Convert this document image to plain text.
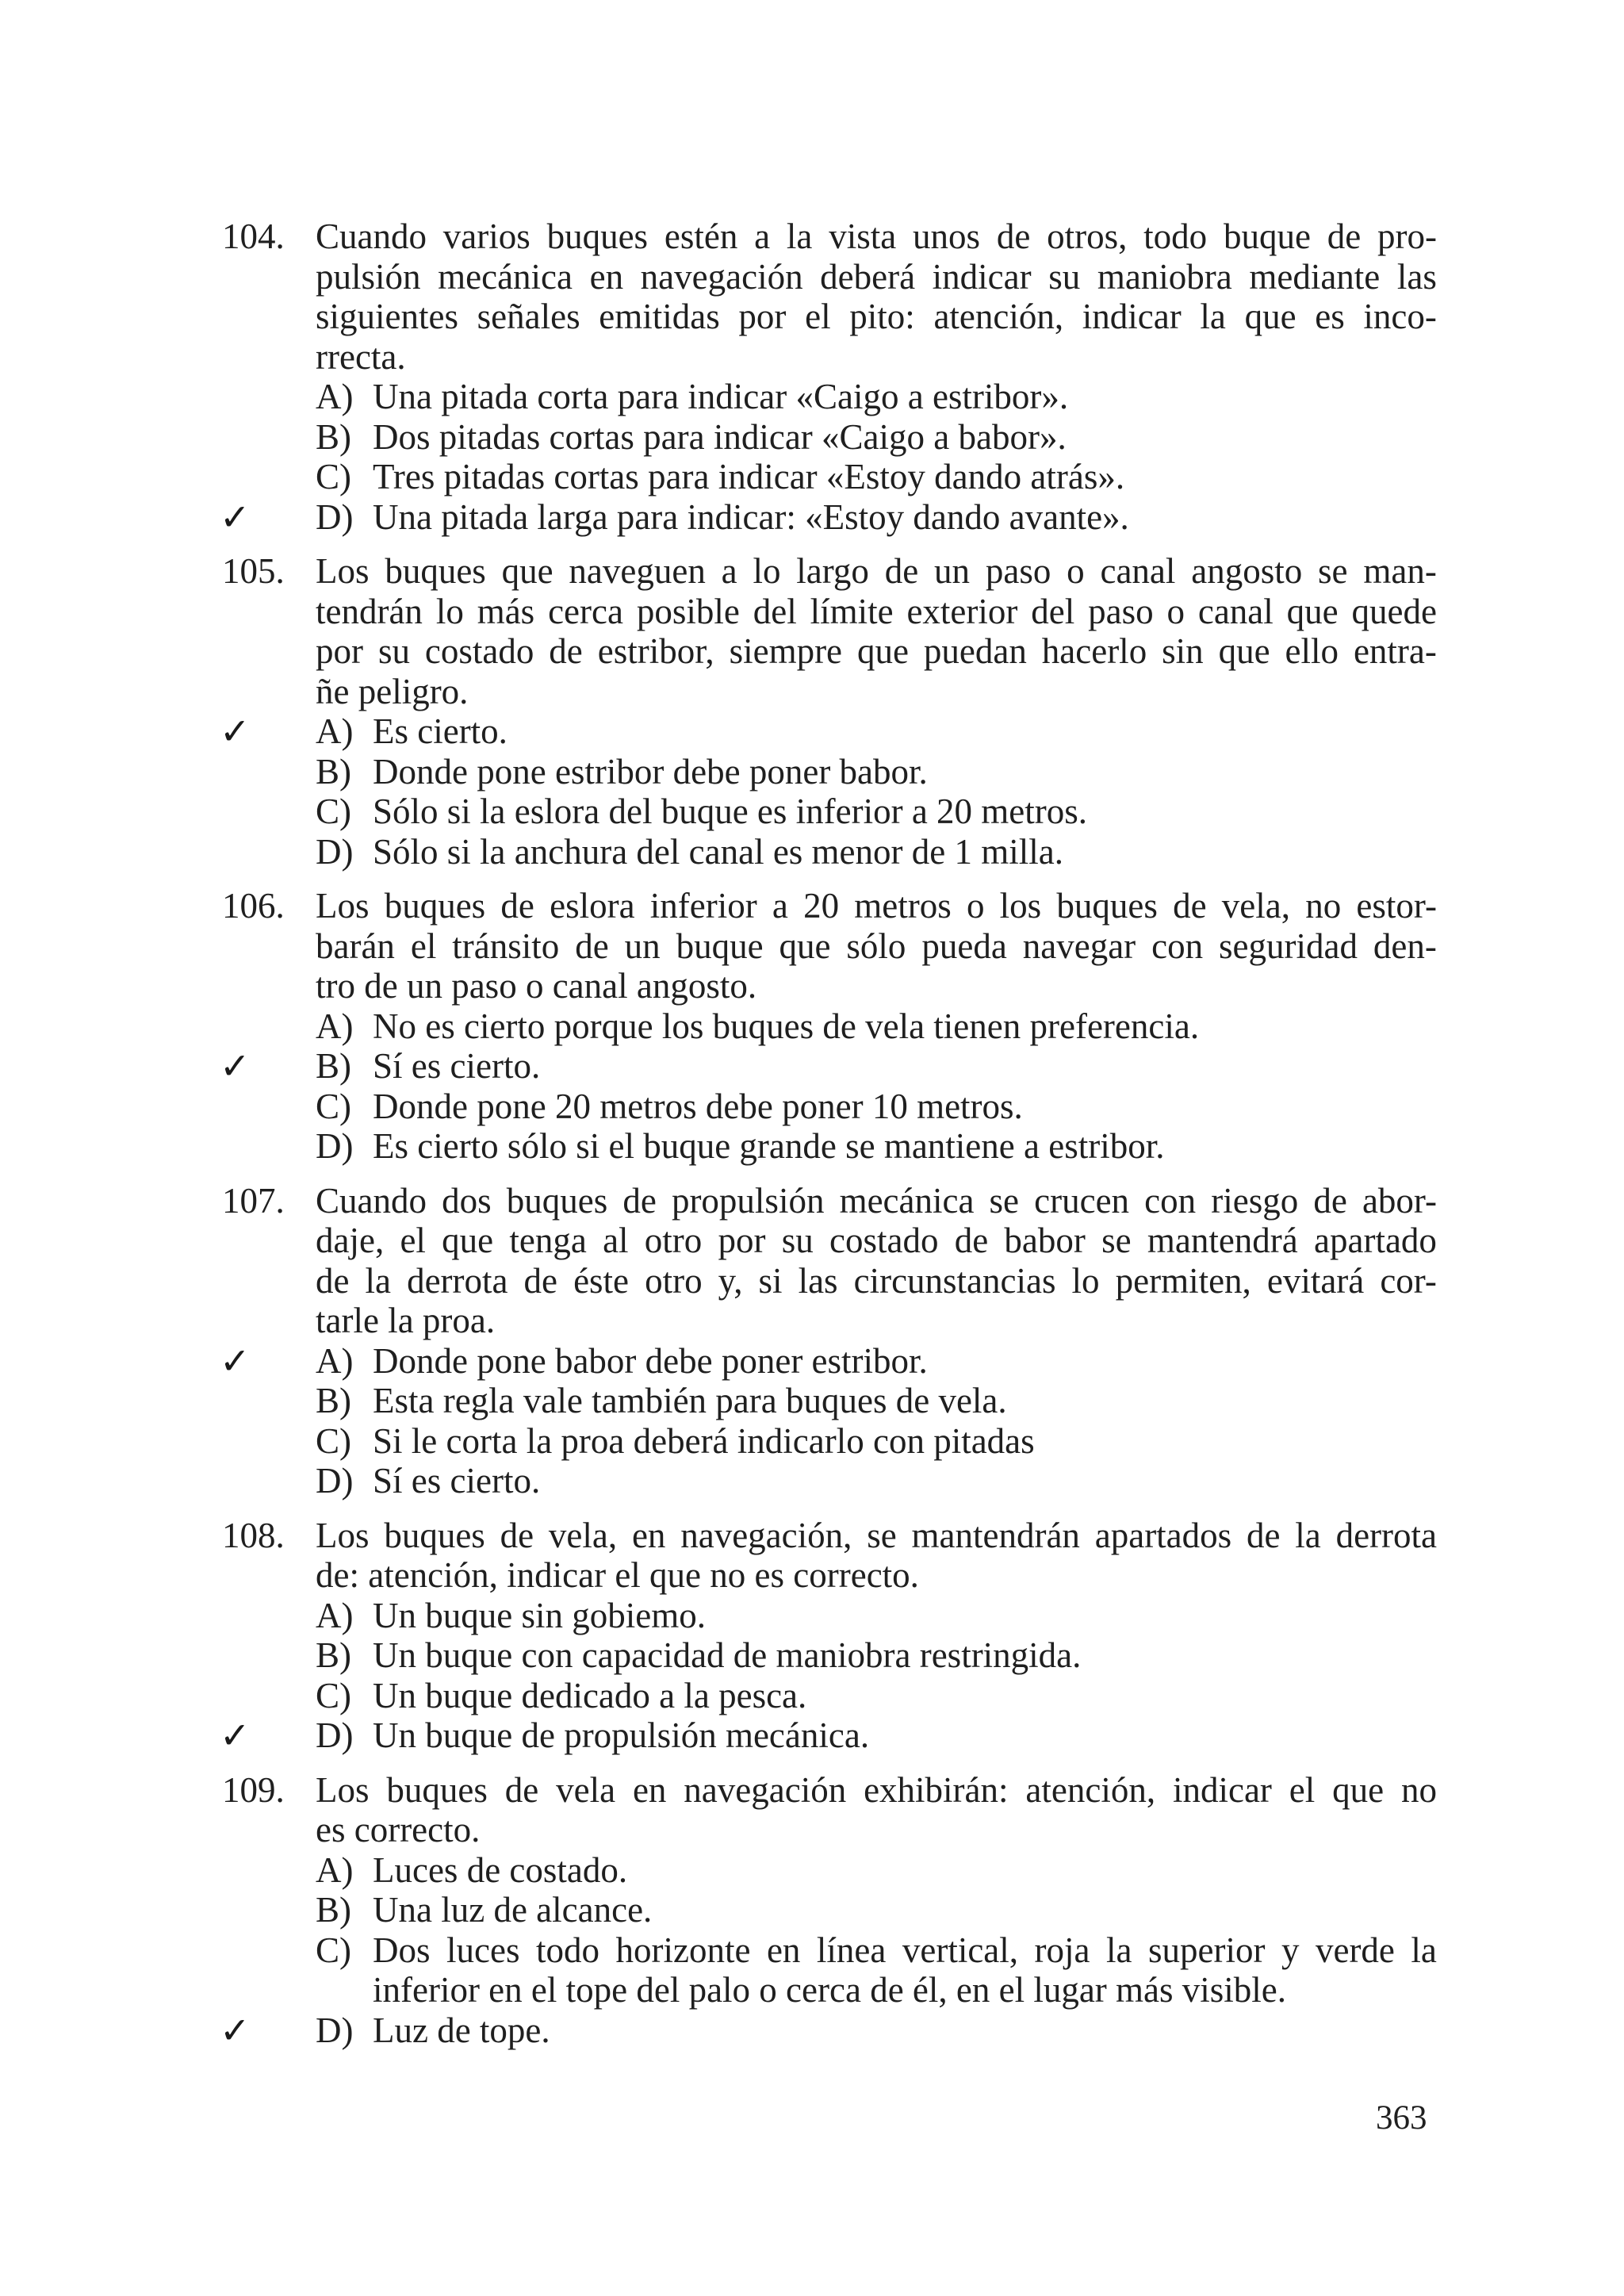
104. Cuando varios buques estén a la vista unos de otros, todo buque de pro-
pulsión mecánica en navegación deberá indicar su maniobra mediante las
siguientes señales emitidas por el pito: atención, indicar la que es inco-
rrecta.
A) Una pitada corta para indicar «Caigo a estribor».
B) Dos pitadas cortas para indicar «Caigo a babor».
C) Tres pitadas cortas para indicar «Estoy dando atrás».
✓ D) Una pitada larga para indicar: «Estoy dando avante».
105. Los buques que naveguen a lo largo de un paso o canal angosto se man-
tendrán lo más cerca posible del límite exterior del paso o canal que quede
por su costado de estribor, siempre que puedan hacerlo sin que ello entra-
ñe peligro.
✓ A) Es cierto.
B) Donde pone estribor debe poner babor.
C) Sólo si la eslora del buque es inferior a 20 metros.
D) Sólo si la anchura del canal es menor de 1 milla.
106. Los buques de eslora inferior a 20 metros o los buques de vela, no estor-
barán el tránsito de un buque que sólo pueda navegar con seguridad den-
tro de un paso o canal angosto.
A) No es cierto porque los buques de vela tienen preferencia.
✓ B) Sí es cierto.
C) Donde pone 20 metros debe poner 10 metros.
D) Es cierto sólo si el buque grande se mantiene a estribor.
107. Cuando dos buques de propulsión mecánica se crucen con riesgo de abor-
daje, el que tenga al otro por su costado de babor se mantendrá apartado
de la derrota de éste otro y, si las circunstancias lo permiten, evitará cor-
tarle la proa.
✓ A) Donde pone babor debe poner estribor.
B) Esta regla vale también para buques de vela.
C) Si le corta la proa deberá indicarlo con pitadas
D) Sí es cierto.
108. Los buques de vela, en navegación, se mantendrán apartados de la derrota
de: atención, indicar el que no es correcto.
A) Un buque sin gobiemo.
B) Un buque con capacidad de maniobra restringida.
C) Un buque dedicado a la pesca.
✓ D) Un buque de propulsión mecánica.
109. Los buques de vela en navegación exhibirán: atención, indicar el que no
es correcto.
A) Luces de costado.
B) Una luz de alcance.
C) Dos luces todo horizonte en línea vertical, roja la superior y verde la
inferior en el tope del palo o cerca de él, en el lugar más visible.
✓ D) Luz de tope.
363
